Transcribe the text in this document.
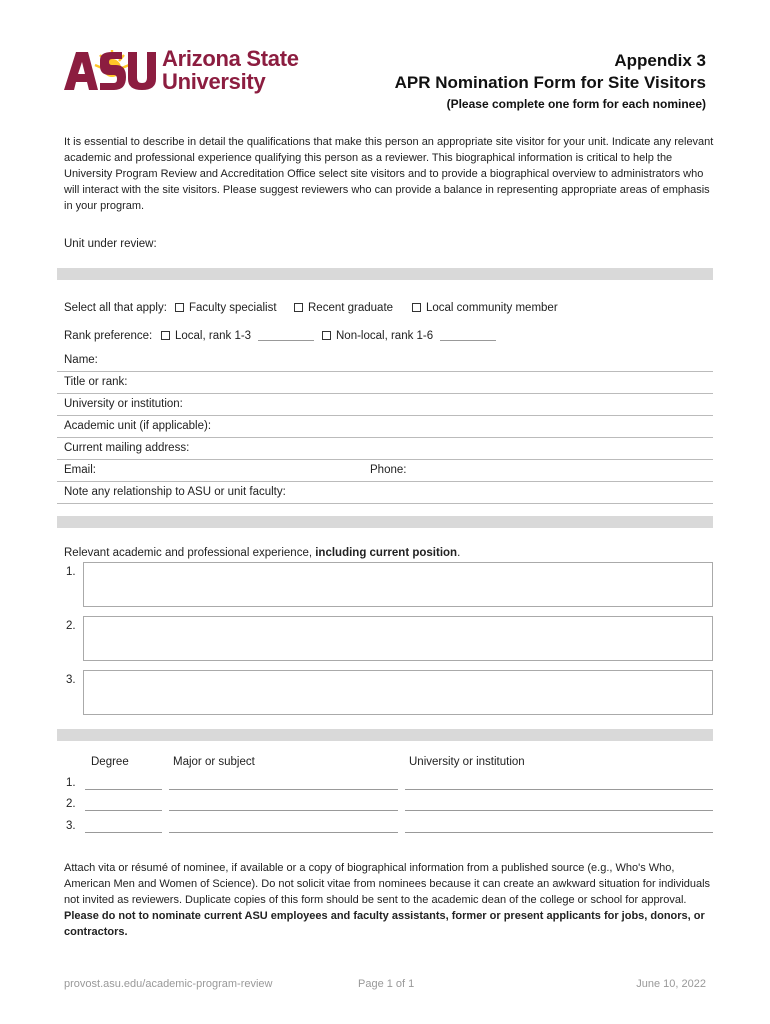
Arizona State
University
Appendix 3
APR Nomination Form for Site Visitors
(Please complete one form for each nominee)
It is essential to describe in detail the qualifications that make this person an appropriate site visitor for your unit. Indicate any relevant academic and professional experience qualifying this person as a reviewer. This biographical information is critical to help the University Program Review and Accreditation Office select site visitors and to provide a biographical overview to administrators who will interact with the site visitors. Please suggest reviewers who can provide a balance in representing appropriate areas of emphasis in your program.
Unit under review:
Select all that apply:	Faculty specialist	Recent graduate	Local community member
Rank preference:	Local, rank 1-3	Non-local, rank 1-6
Name:
Title or rank:
University or institution:
Academic unit (if applicable):
Current mailing address:
Email:	Phone:
Note any relationship to ASU or unit faculty:
Relevant academic and professional experience, including current position.
1.
2.
3.
Degree	Major or subject	University or institution
1.
2.
3.
Attach vita or résumé of nominee, if available or a copy of biographical information from a published source (e.g., Who's Who, American Men and Women of Science). Do not solicit vitae from nominees because it can create an awkward situation for individuals not invited as reviewers. Duplicate copies of this form should be sent to the academic dean of the college or school for approval. Please do not to nominate current ASU employees and faculty assistants, former or present applicants for jobs, donors, or contractors.
provost.asu.edu/academic-program-review	Page 1 of 1	June 10, 2022
